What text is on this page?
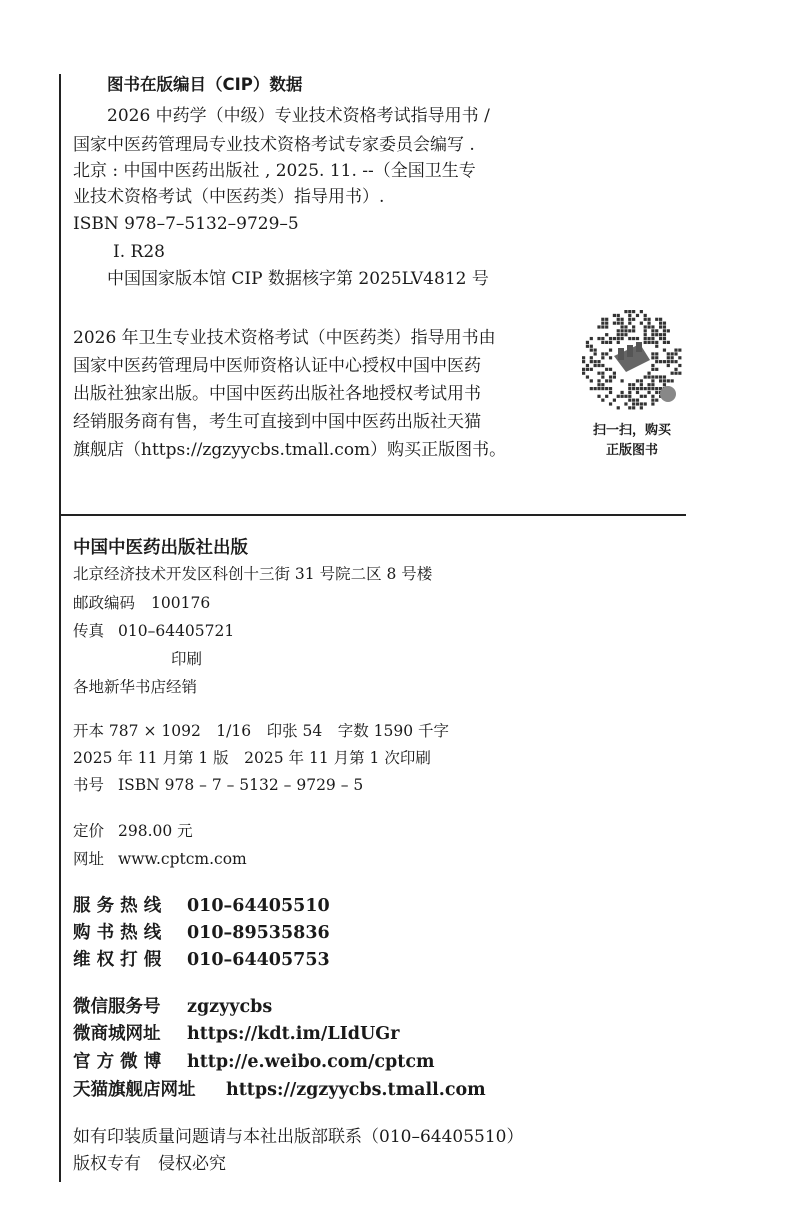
图书在版编目（CIP）数据
2026 中药学（中级）专业技术资格考试指导用书 /
国家中医药管理局专业技术资格考试专家委员会编写 .
北京 : 中国中医药出版社 , 2025. 11. --（全国卫生专
业技术资格考试（中医药类）指导用书）.
ISBN 978–7–5132–9729–5
Ⅰ. R28
中国国家版本馆 CIP 数据核字第 2025LV4812 号
2026 年卫生专业技术资格考试（中医药类）指导用书由
国家中医药管理局中医师资格认证中心授权中国中医药
出版社独家出版。中国中医药出版社各地授权考试用书
经销服务商有售，考生可直接到中国中医药出版社天猫
旗舰店（https://zgzyycbs.tmall.com）购买正版图书。
扫一扫，购买
正版图书
中国中医药出版社出版
北京经济技术开发区科创十三街 31 号院二区 8 号楼
邮政编码 100176
传真 010–64405721
印刷
各地新华书店经销
开本 787 × 1092　1/16　印张 54　字数 1590 千字
2025 年 11 月第 1 版　2025 年 11 月第 1 次印刷
书号 ISBN 978 – 7 – 5132 – 9729 – 5
定价 298.00 元
网址 www.cptcm.com
服 务 热 线 010–64405510
购 书 热 线 010–89535836
维 权 打 假 010–64405753
微信服务号 zgzyycbs
微商城网址 https://kdt.im/LIdUGr
官 方 微 博 http://e.weibo.com/cptcm
天猫旗舰店网址 https://zgzyycbs.tmall.com
如有印装质量问题请与本社出版部联系（010–64405510）
版权专有　侵权必究
